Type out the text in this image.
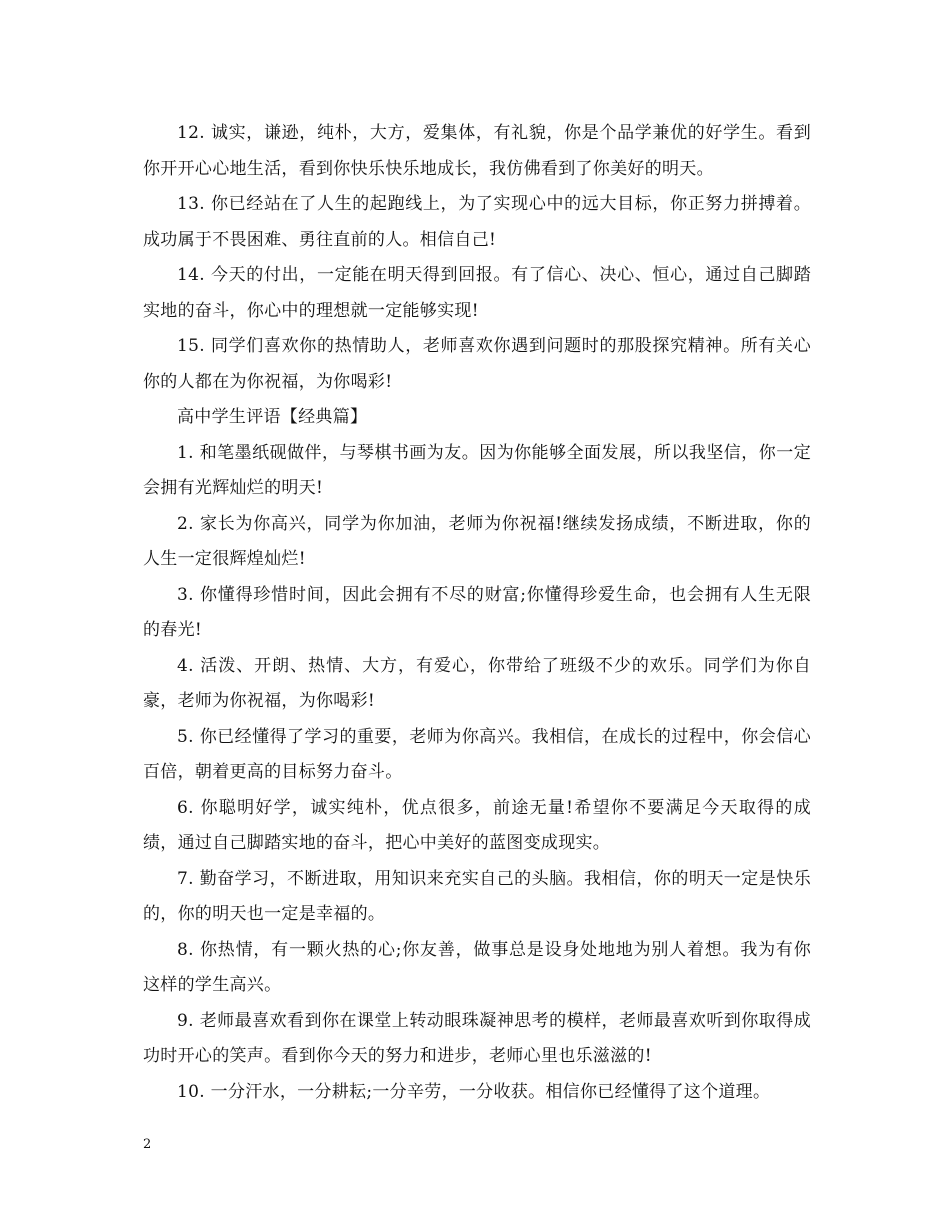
12. 诚实，谦逊，纯朴，大方，爱集体，有礼貌，你是个品学兼优的好学生。看到你开开心心地生活，看到你快乐快乐地成长，我仿佛看到了你美好的明天。

13. 你已经站在了人生的起跑线上，为了实现心中的远大目标，你正努力拼搏着。成功属于不畏困难、勇往直前的人。相信自己!

14. 今天的付出，一定能在明天得到回报。有了信心、决心、恒心，通过自己脚踏实地的奋斗，你心中的理想就一定能够实现!

15. 同学们喜欢你的热情助人，老师喜欢你遇到问题时的那股探究精神。所有关心你的人都在为你祝福，为你喝彩!

高中学生评语【经典篇】

1. 和笔墨纸砚做伴，与琴棋书画为友。因为你能够全面发展，所以我坚信，你一定会拥有光辉灿烂的明天!

2. 家长为你高兴，同学为你加油，老师为你祝福!继续发扬成绩，不断进取，你的人生一定很辉煌灿烂!

3. 你懂得珍惜时间，因此会拥有不尽的财富;你懂得珍爱生命，也会拥有人生无限的春光!

4. 活泼、开朗、热情、大方，有爱心，你带给了班级不少的欢乐。同学们为你自豪，老师为你祝福，为你喝彩!

5. 你已经懂得了学习的重要，老师为你高兴。我相信，在成长的过程中，你会信心百倍，朝着更高的目标努力奋斗。

6. 你聪明好学，诚实纯朴，优点很多，前途无量!希望你不要满足今天取得的成绩，通过自己脚踏实地的奋斗，把心中美好的蓝图变成现实。

7. 勤奋学习，不断进取，用知识来充实自己的头脑。我相信，你的明天一定是快乐的，你的明天也一定是幸福的。

8. 你热情，有一颗火热的心;你友善，做事总是设身处地地为别人着想。我为有你这样的学生高兴。

9. 老师最喜欢看到你在课堂上转动眼珠凝神思考的模样，老师最喜欢听到你取得成功时开心的笑声。看到你今天的努力和进步，老师心里也乐滋滋的!

10. 一分汗水，一分耕耘;一分辛劳，一分收获。相信你已经懂得了这个道理。

2
